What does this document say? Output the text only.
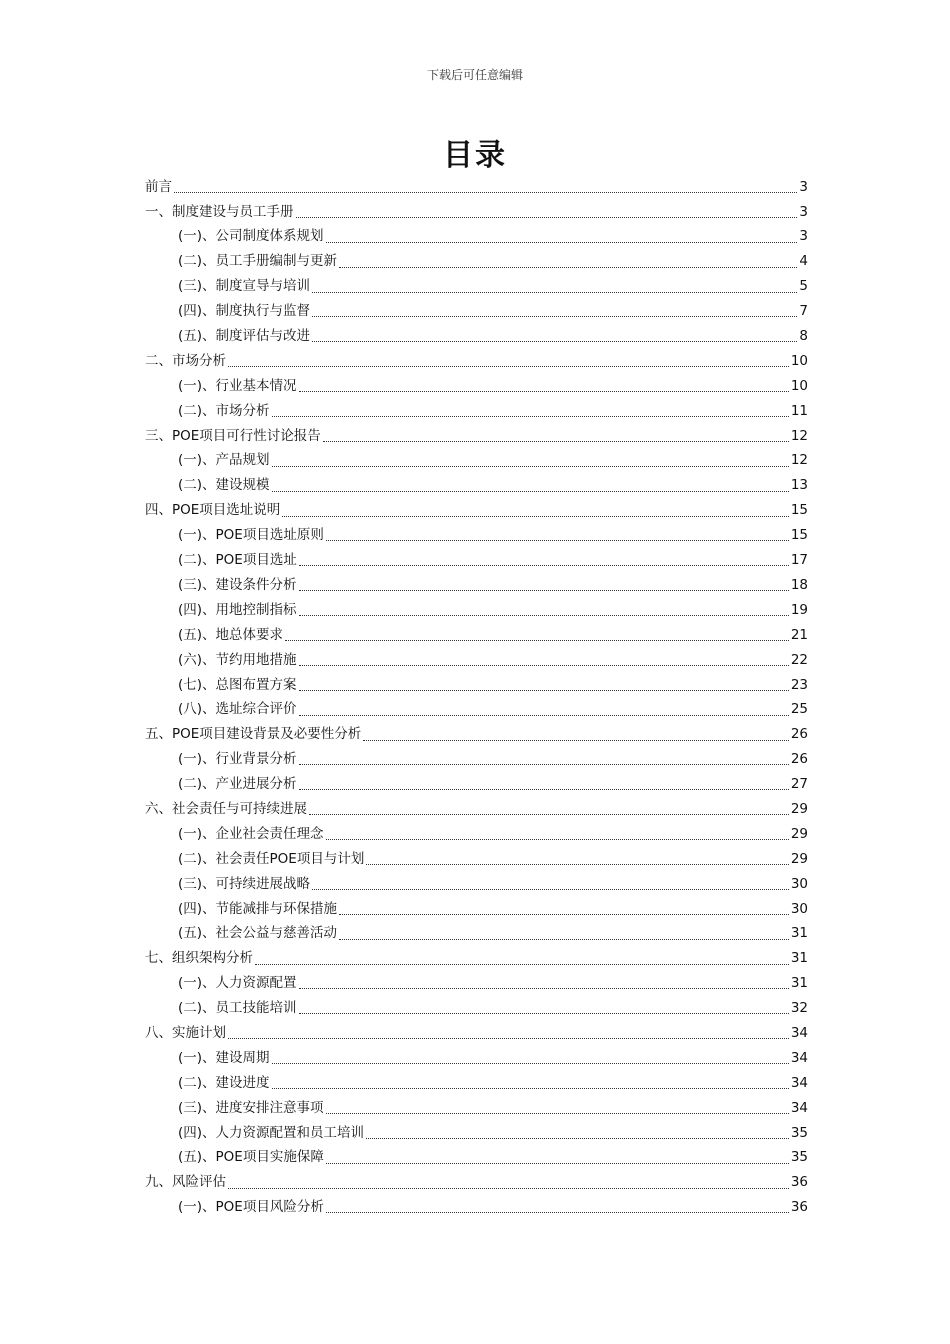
下载后可任意编辑
目录
前言	3
一、制度建设与员工手册	3
(一)、公司制度体系规划	3
(二)、员工手册编制与更新	4
(三)、制度宣导与培训	5
(四)、制度执行与监督	7
(五)、制度评估与改进	8
二、市场分析	10
(一)、行业基本情况	10
(二)、市场分析	11
三、POE项目可行性讨论报告	12
(一)、产品规划	12
(二)、建设规模	13
四、POE项目选址说明	15
(一)、POE项目选址原则	15
(二)、POE项目选址	17
(三)、建设条件分析	18
(四)、用地控制指标	19
(五)、地总体要求	21
(六)、节约用地措施	22
(七)、总图布置方案	23
(八)、选址综合评价	25
五、POE项目建设背景及必要性分析	26
(一)、行业背景分析	26
(二)、产业进展分析	27
六、社会责任与可持续进展	29
(一)、企业社会责任理念	29
(二)、社会责任POE项目与计划	29
(三)、可持续进展战略	30
(四)、节能减排与环保措施	30
(五)、社会公益与慈善活动	31
七、组织架构分析	31
(一)、人力资源配置	31
(二)、员工技能培训	32
八、实施计划	34
(一)、建设周期	34
(二)、建设进度	34
(三)、进度安排注意事项	34
(四)、人力资源配置和员工培训	35
(五)、POE项目实施保障	35
九、风险评估	36
(一)、POE项目风险分析	36
